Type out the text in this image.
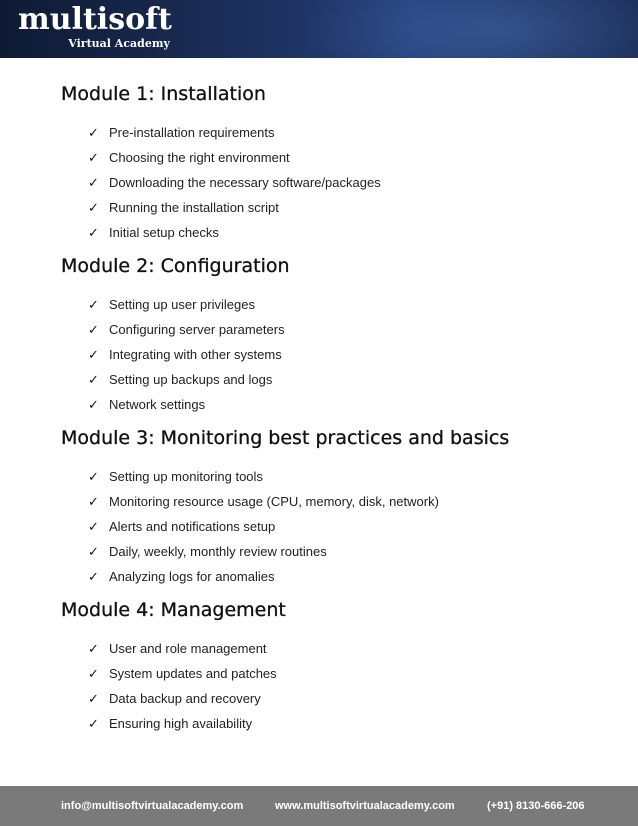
multisoft
Virtual Academy
Module 1: Installation
✓ Pre-installation requirements
✓ Choosing the right environment
✓ Downloading the necessary software/packages
✓ Running the installation script
✓ Initial setup checks
Module 2: Configuration
✓ Setting up user privileges
✓ Configuring server parameters
✓ Integrating with other systems
✓ Setting up backups and logs
✓ Network settings
Module 3: Monitoring best practices and basics
✓ Setting up monitoring tools
✓ Monitoring resource usage (CPU, memory, disk, network)
✓ Alerts and notifications setup
✓ Daily, weekly, monthly review routines
✓ Analyzing logs for anomalies
Module 4: Management
✓ User and role management
✓ System updates and patches
✓ Data backup and recovery
✓ Ensuring high availability
info@multisoftvirtualacademy.com	www.multisoftvirtualacademy.com	(+91) 8130-666-206
